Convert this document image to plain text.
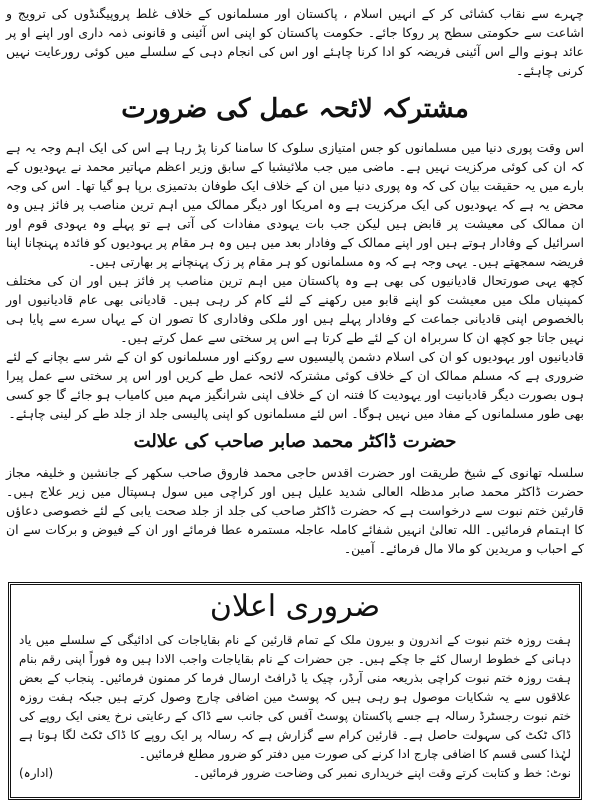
چہرے سے نقاب کشائی کر کے انہیں اسلام ، پاکستان اور مسلمانوں کے خلاف غلط پروپیگنڈوں کی ترویج و اشاعت سے حکومتی سطح پر روکا جائے۔ حکومت پاکستان کو اپنی اس آئینی و قانونی ذمہ داری اور اپنے او پر عائد ہونے والے اس آئینی فریضہ کو ادا کرنا چاہئے اور اس کی انجام دہی کے سلسلے میں کوئی رورعایت نہیں کرنی چاہئے۔

مشترکہ لائحہ عمل کی ضرورت

اس وقت پوری دنیا میں مسلمانوں کو جس امتیازی سلوک کا سامنا کرنا پڑ رہا ہے اس کی ایک اہم وجہ یہ ہے کہ ان کی کوئی مرکزیت نہیں ہے۔ ماضی میں جب ملائیشیا کے سابق وزیر اعظم مہاتیر محمد نے یہودیوں کے بارے میں یہ حقیقت بیان کی کہ وہ پوری دنیا میں ان کے خلاف ایک طوفان بدتمیزی برپا ہو گیا تھا۔ اس کی وجہ محض یہ ہے کہ یہودیوں کی ایک مرکزیت ہے وہ امریکا اور دیگر ممالک میں اہم ترین مناصب پر فائز ہیں وہ ان ممالک کی معیشت پر قابض ہیں لیکن جب بات یہودی مفادات کی آتی ہے تو پہلے وہ یہودی قوم اور اسرائیل کے وفادار ہوتے ہیں اور اپنے ممالک کے وفادار بعد میں ہیں وہ ہر مقام پر یہودیوں کو فائدہ پہنچانا اپنا فریضہ سمجھتے ہیں۔ یہی وجہ ہے کہ وہ مسلمانوں کو ہر مقام پر زک پہنچانے پر بھارتی ہیں۔

کچھ یہی صورتحال قادیانیوں کی بھی ہے وہ پاکستان میں اہم ترین مناصب پر فائز ہیں اور ان کی مختلف کمپنیاں ملک میں معیشت کو اپنے قابو میں رکھنے کے لئے کام کر رہی ہیں۔ قادیانی بھی عام قادیانیوں اور بالخصوص اپنی قادیانی جماعت کے وفادار پہلے ہیں اور ملکی وفاداری کا تصور ان کے یہاں سرے سے پایا ہی نہیں جاتا جو کچھ ان کا سربراہ ان کے لئے طے کرتا ہے اس پر سختی سے عمل کرتے ہیں۔

قادیانیوں اور یہودیوں کو ان کی اسلام دشمن پالیسیوں سے روکنے اور مسلمانوں کو ان کے شر سے بچانے کے لئے ضروری ہے کہ مسلم ممالک ان کے خلاف کوئی مشترکہ لائحہ عمل طے کریں اور اس پر سختی سے عمل پیرا ہوں بصورت دیگر قادیانیت اور یہودیت کا فتنہ ان کے خلاف اپنی شرانگیز مہم میں کامیاب ہو جائے گا جو کسی بھی طور مسلمانوں کے مفاد میں نہیں ہوگا۔ اس لئے مسلمانوں کو اپنی پالیسی جلد از جلد طے کر لینی چاہئے۔

حضرت ڈاکٹر محمد صابر صاحب کی علالت

سلسلہ تھانوی کے شیخ طریقت اور حضرت اقدس حاجی محمد فاروق صاحب سکھر کے جانشین و خلیفہ مجاز حضرت ڈاکٹر محمد صابر مدظلہ العالی شدید علیل ہیں اور کراچی میں سول ہسپتال میں زیر علاج ہیں۔ قارئین ختم نبوت سے درخواست ہے کہ حضرت ڈاکٹر صاحب کی جلد از جلد صحت یابی کے لئے خصوصی دعاؤں کا اہتمام فرمائیں۔ اللہ تعالیٰ انہیں شفائے کاملہ عاجلہ مستمرہ عطا فرمائے اور ان کے فیوض و برکات سے ان کے احباب و مریدین کو مالا مال فرمائے۔ آمین۔

ضروری اعلان

ہفت روزہ ختم نبوت کے اندرون و بیرون ملک کے تمام قارئین کے نام بقایاجات کی ادائیگی کے سلسلے میں یاد دہانی کے خطوط ارسال کئے جا چکے ہیں۔ جن حضرات کے نام بقایاجات واجب الادا ہیں وہ فوراً اپنی رقم بنام ہفت روزہ ختم نبوت کراچی بذریعہ منی آرڈر، چیک یا ڈرافٹ ارسال فرما کر ممنون فرمائیں۔ پنجاب کے بعض علاقوں سے یہ شکایات موصول ہو رہی ہیں کہ پوسٹ مین اضافی چارج وصول کرتے ہیں جبکہ ہفت روزہ ختم نبوت رجسٹرڈ رسالہ ہے جسے پاکستان پوسٹ آفس کی جانب سے ڈاک کے رعایتی نرخ یعنی ایک روپے کی ڈاک ٹکٹ کی سہولت حاصل ہے۔ قارئین کرام سے گزارش ہے کہ رسالہ پر ایک روپے کا ڈاک ٹکٹ لگا ہوتا ہے لہٰذا کسی قسم کا اضافی چارج ادا کرنے کی صورت میں دفتر کو ضرور مطلع فرمائیں۔

نوٹ: خط و کتابت کرتے وقت اپنے خریداری نمبر کی وضاحت ضرور فرمائیں۔
(ادارہ)
